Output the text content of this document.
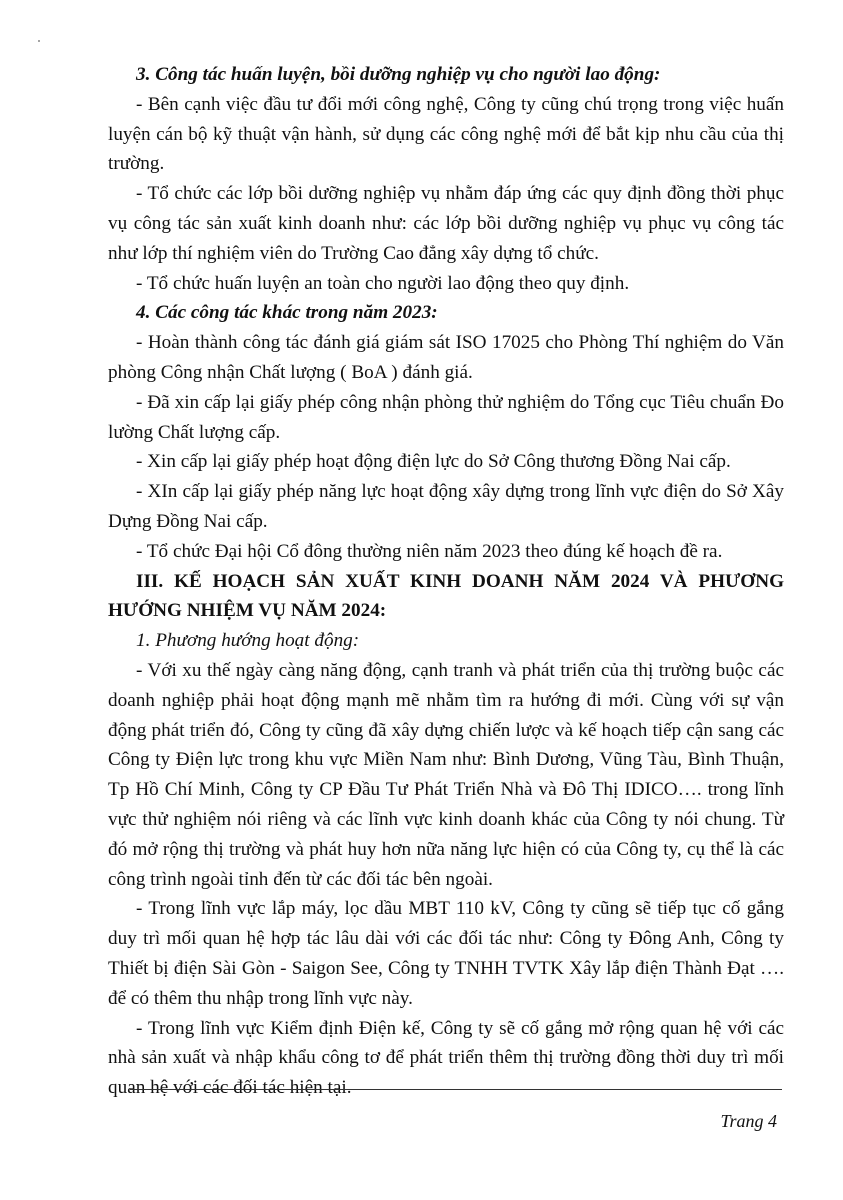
3. Công tác huấn luyện, bồi dưỡng nghiệp vụ cho người lao động:

- Bên cạnh việc đầu tư đổi mới công nghệ, Công ty cũng chú trọng trong việc huấn luyện cán bộ kỹ thuật vận hành, sử dụng các công nghệ mới để bắt kịp nhu cầu của thị trường.

- Tổ chức các lớp bồi dưỡng nghiệp vụ nhằm đáp ứng các quy định đồng thời phục vụ công tác sản xuất kinh doanh như: các lớp bồi dưỡng nghiệp vụ phục vụ công tác như lớp thí nghiệm viên do Trường Cao đẳng xây dựng tổ chức.

- Tổ chức huấn luyện an toàn cho người lao động theo quy định.

4. Các công tác khác trong năm 2023:

- Hoàn thành công tác đánh giá giám sát ISO 17025 cho Phòng Thí nghiệm do Văn phòng Công nhận Chất lượng ( BoA ) đánh giá.

- Đã xin cấp lại giấy phép công nhận phòng thử nghiệm do Tổng cục Tiêu chuẩn Đo lường Chất lượng cấp.

- Xin cấp lại giấy phép hoạt động điện lực do Sở Công thương Đồng Nai cấp.

- XIn cấp lại giấy phép năng lực hoạt động xây dựng trong lĩnh vực điện do Sở Xây Dựng Đồng Nai cấp.

- Tổ chức Đại hội Cổ đông thường niên năm 2023 theo đúng kế hoạch đề ra.

III. KẾ HOẠCH SẢN XUẤT KINH DOANH NĂM 2024 VÀ PHƯƠNG HƯỚNG NHIỆM VỤ NĂM 2024:

1. Phương hướng hoạt động:

- Với xu thế ngày càng năng động, cạnh tranh và phát triển của thị trường buộc các doanh nghiệp phải hoạt động mạnh mẽ nhằm tìm ra hướng đi mới. Cùng với sự vận động phát triển đó, Công ty cũng đã xây dựng chiến lược và kế hoạch tiếp cận sang các Công ty Điện lực trong khu vực Miền Nam như: Bình Dương, Vũng Tàu, Bình Thuận, Tp Hồ Chí Minh, Công ty CP Đầu Tư Phát Triển Nhà và Đô Thị IDICO…. trong lĩnh vực thử nghiệm nói riêng và các lĩnh vực kinh doanh khác của Công ty nói chung. Từ đó mở rộng thị trường và phát huy hơn nữa năng lực hiện có của Công ty, cụ thể là các công trình ngoài tỉnh đến từ các đối tác bên ngoài.

- Trong lĩnh vực lắp máy, lọc dầu MBT 110 kV, Công ty cũng sẽ tiếp tục cố gắng duy trì mối quan hệ hợp tác lâu dài với các đối tác như: Công ty Đông Anh, Công ty Thiết bị điện Sài Gòn - Saigon See, Công ty TNHH TVTK Xây lắp điện Thành Đạt …. để có thêm thu nhập trong lĩnh vực này.

- Trong lĩnh vực Kiểm định Điện kế, Công ty sẽ cố gắng mở rộng quan hệ với các nhà sản xuất và nhập khẩu công tơ để phát triển thêm thị trường đồng thời duy trì mối quan hệ với các đối tác hiện tại.

Trang 4
